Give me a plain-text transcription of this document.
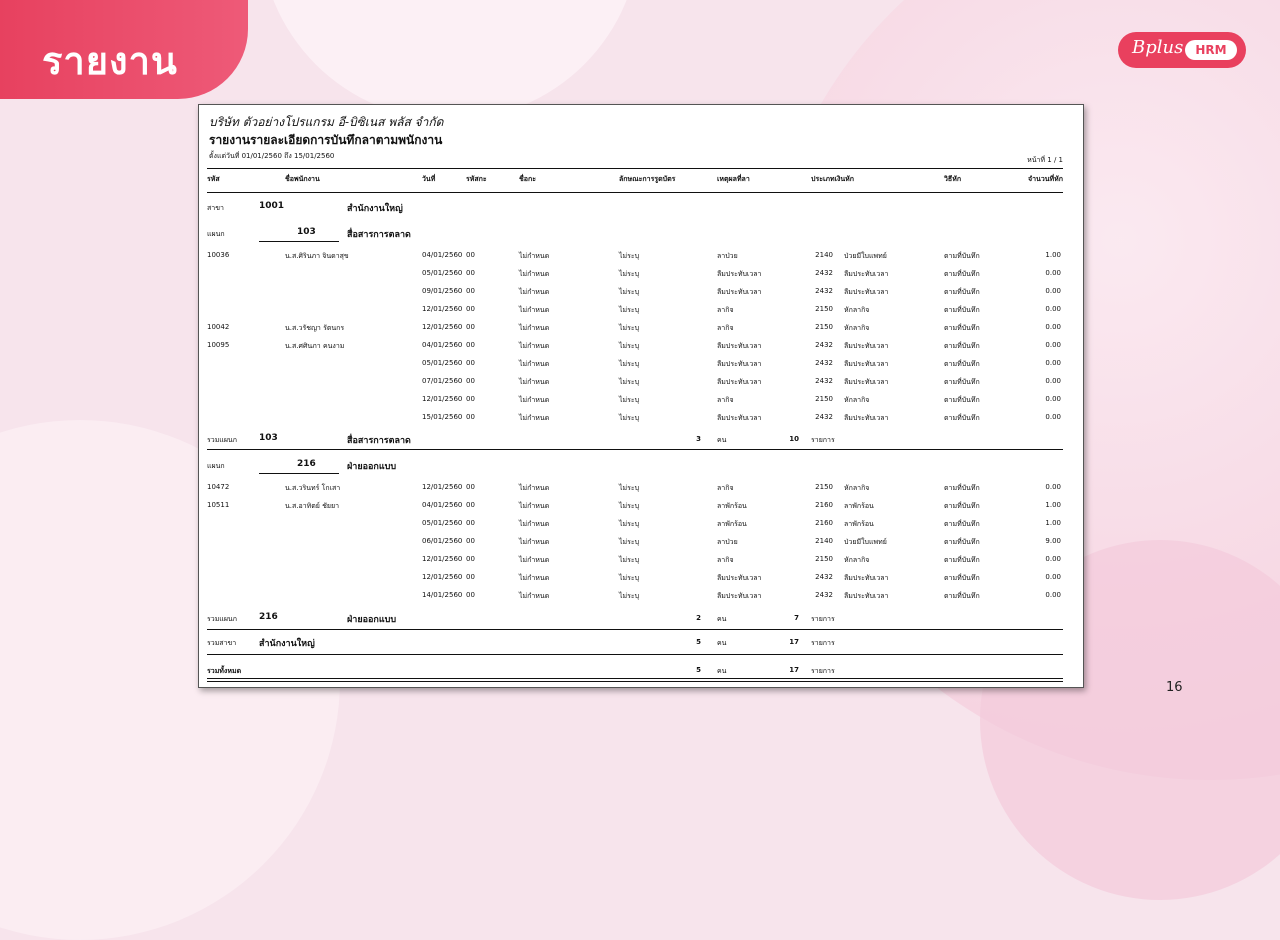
รายงาน	Bplus	HRM
16
บริษัท ตัวอย่างโปรแกรม อี-บิซิเนส พลัส จำกัด
รายงานรายละเอียดการบันทึกลาตามพนักงาน
ตั้งแต่วันที่ 01/01/2560 ถึง 15/01/2560	หน้าที่ 1 / 1
รหัส	ชื่อพนักงาน	วันที่	รหัสกะ	ชื่อกะ	ลักษณะการรูดบัตร	เหตุผลที่ลา	ประเภทเงินหัก	วิธีหัก	จำนวนที่หัก
สาขา	1001	สำนักงานใหญ่
แผนก	103	สื่อสารการตลาด
10036	น.ส.ศิรินภา จินดาสุข	04/01/2560 00	ไม่กำหนด	ไม่ระบุ	ลาป่วย	2140 ป่วยมีใบแพทย์	ตามที่บันทึก	1.00
05/01/2560 00	ไม่กำหนด	ไม่ระบุ	ลืมประทับเวลา	2432 ลืมประทับเวลา	ตามที่บันทึก	0.00
09/01/2560 00	ไม่กำหนด	ไม่ระบุ	ลืมประทับเวลา	2432 ลืมประทับเวลา	ตามที่บันทึก	0.00
12/01/2560 00	ไม่กำหนด	ไม่ระบุ	ลากิจ	2150 หักลากิจ	ตามที่บันทึก	0.00
10042	น.ส.วรัชญา รัตนกร	12/01/2560 00	ไม่กำหนด	ไม่ระบุ	ลากิจ	2150 หักลากิจ	ตามที่บันทึก	0.00
10095	น.ส.ศศินภา คนงาม	04/01/2560 00	ไม่กำหนด	ไม่ระบุ	ลืมประทับเวลา	2432 ลืมประทับเวลา	ตามที่บันทึก	0.00
05/01/2560 00	ไม่กำหนด	ไม่ระบุ	ลืมประทับเวลา	2432 ลืมประทับเวลา	ตามที่บันทึก	0.00
07/01/2560 00	ไม่กำหนด	ไม่ระบุ	ลืมประทับเวลา	2432 ลืมประทับเวลา	ตามที่บันทึก	0.00
12/01/2560 00	ไม่กำหนด	ไม่ระบุ	ลากิจ	2150 หักลากิจ	ตามที่บันทึก	0.00
15/01/2560 00	ไม่กำหนด	ไม่ระบุ	ลืมประทับเวลา	2432 ลืมประทับเวลา	ตามที่บันทึก	0.00
รวมแผนก 103	สื่อสารการตลาด	3 คน	10 รายการ
แผนก	216	ฝ่ายออกแบบ
10472	น.ส.วรินทร์ โกเสา	12/01/2560 00	ไม่กำหนด	ไม่ระบุ	ลากิจ	2150 หักลากิจ	ตามที่บันทึก	0.00
10511	น.ส.อาทิตย์ ชัยยา	04/01/2560 00	ไม่กำหนด	ไม่ระบุ	ลาพักร้อน	2160 ลาพักร้อน	ตามที่บันทึก	1.00
05/01/2560 00	ไม่กำหนด	ไม่ระบุ	ลาพักร้อน	2160 ลาพักร้อน	ตามที่บันทึก	1.00
06/01/2560 00	ไม่กำหนด	ไม่ระบุ	ลาป่วย	2140 ป่วยมีใบแพทย์	ตามที่บันทึก	9.00
12/01/2560 00	ไม่กำหนด	ไม่ระบุ	ลากิจ	2150 หักลากิจ	ตามที่บันทึก	0.00
12/01/2560 00	ไม่กำหนด	ไม่ระบุ	ลืมประทับเวลา	2432 ลืมประทับเวลา	ตามที่บันทึก	0.00
14/01/2560 00	ไม่กำหนด	ไม่ระบุ	ลืมประทับเวลา	2432 ลืมประทับเวลา	ตามที่บันทึก	0.00
รวมแผนก 216	ฝ่ายออกแบบ	2 คน	7 รายการ
รวมสาขา	สำนักงานใหญ่	5 คน	17 รายการ
รวมทั้งหมด	5 คน	17 รายการ
